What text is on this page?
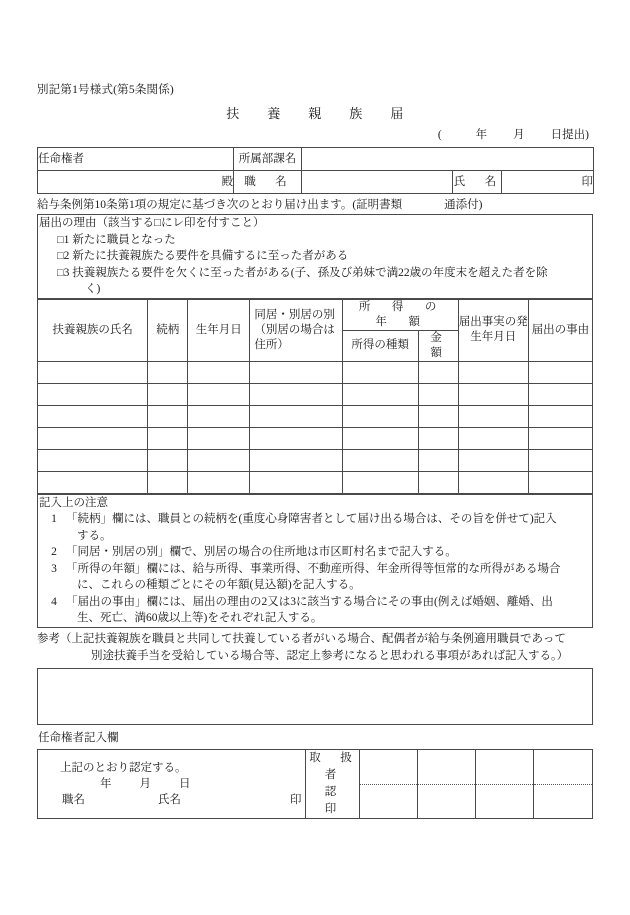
別記第1号様式(第5条関係)
扶　養　親　族　届
(	年 月 日提出)
任命権者	所属部課名			
殿	職　名		氏　名	印
給与条例第10条第1項の規定に基づき次のとおり届け出ます。(証明書類	通添付)
届出の理由（該当する□にレ印を付すこと）
□1 新たに職員となった
□2 新たに扶養親族たる要件を具備するに至った者がある
□3 扶養親族たる要件を欠くに至った者がある(子、孫及び弟妹で満22歳の年度末を超えた者を除
く)
扶養親族の氏名	続柄	生年月日	同居・別居の別（別居の場合は住所）	所　得　の　年　額		届出事実の発生年月日	届出の事由
				所得の種類	金　額		

記入上の注意
1 「続柄」欄には、職員との続柄を(重度心身障害者として届け出る場合は、その旨を併せて)記入
する。
2 「同居・別居の別」欄で、別居の場合の住所地は市区町村名まで記入する。
3 「所得の年額」欄には、給与所得、事業所得、不動産所得、年金所得等恒常的な所得がある場合
に、これらの種類ごとにその年額(見込額)を記入する。
4 「届出の事由」欄には、届出の理由の2又は3に該当する場合にその事由(例えば婚姻、離婚、出
生、死亡、満60歳以上等)をそれぞれ記入する。
参考（上記扶養親族を職員と共同して扶養している者がいる場合、配偶者が給与条例適用職員であって
別途扶養手当を受給している場合等、認定上参考になると思われる事項があれば記入する。）
任命権者記入欄
上記のとおり認定する。
年 月 日
職名	氏名	印

取　扱　者
認　　　印
